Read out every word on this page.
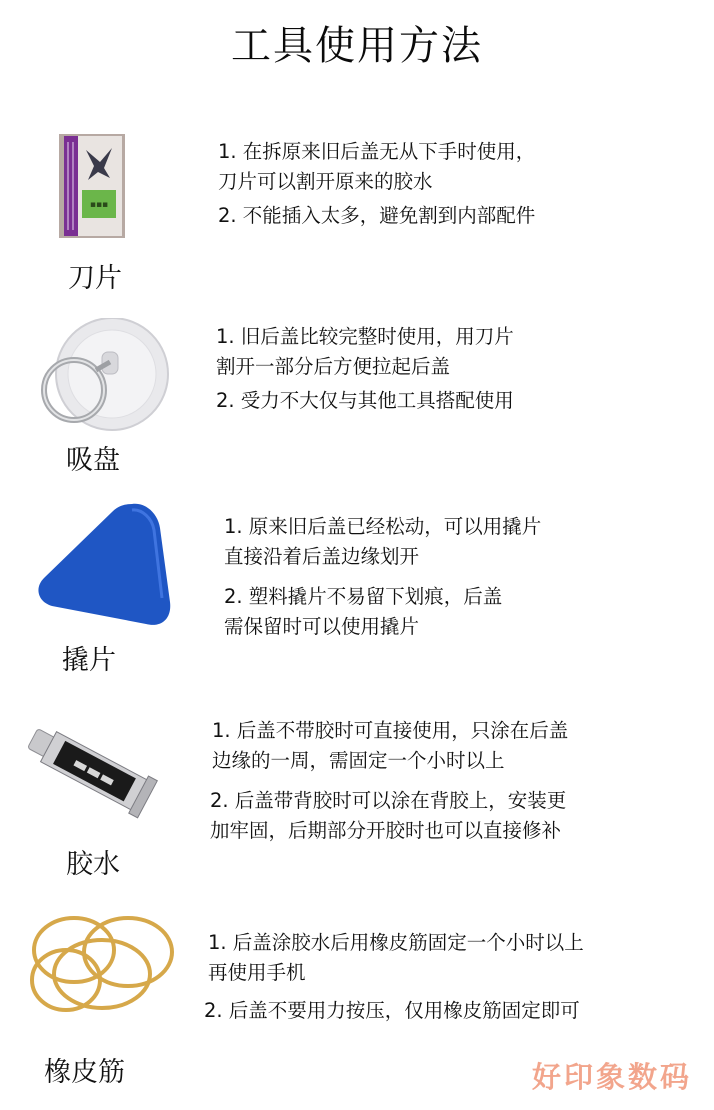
工具使用方法
▪▪▪
刀片
1. 在拆原来旧后盖无从下手时使用，
刀片可以割开原来的胶水
2. 不能插入太多，避免割到内部配件
吸盘
1. 旧后盖比较完整时使用，用刀片
割开一部分后方便拉起后盖
2. 受力不大仅与其他工具搭配使用
撬片
1. 原来旧后盖已经松动，可以用撬片
直接沿着后盖边缘划开
2. 塑料撬片不易留下划痕，后盖
需保留时可以使用撬片
▬▬▬
胶水
1. 后盖不带胶时可直接使用，只涂在后盖
边缘的一周，需固定一个小时以上
2. 后盖带背胶时可以涂在背胶上，安装更
加牢固，后期部分开胶时也可以直接修补
橡皮筋
1. 后盖涂胶水后用橡皮筋固定一个小时以上
再使用手机
2. 后盖不要用力按压，仅用橡皮筋固定即可
好印象数码
